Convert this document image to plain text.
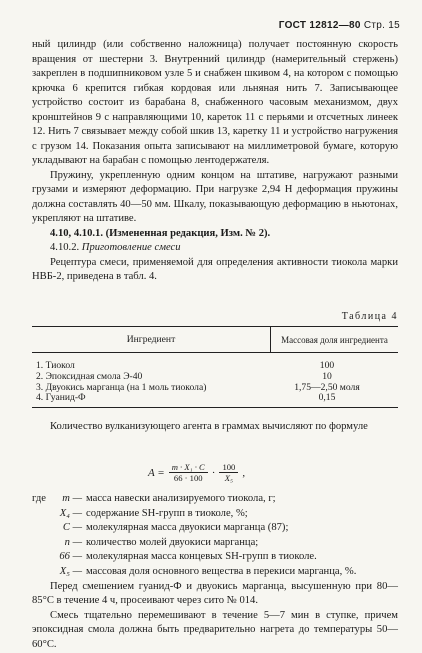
ГОСТ 12812—80 Стр. 15

ный цилиндр (или собственно наложница) получает постоянную скорость вращения от шестерни 3. Внутренний цилиндр (намерительный стержень) закреплен в подшипниковом узле 5 и снабжен шкивом 4, на котором с помощью крючка 6 крепится гибкая кордовая или льняная нить 7. Записывающее устройство состоит из барабана 8, снабженного часовым механизмом, двух кронштейнов 9 с направляющими 10, кареток 11 с перьями и отсчетных линеек 12. Нить 7 связывает между собой шкив 13, каретку 11 и устройство нагружения с грузом 14. Показания опыта записывают на миллиметровой бумаге, которую укладывают на барабан с помощью лентодержателя.

Пружину, укрепленную одним концом на штативе, нагружают разными грузами и измеряют деформацию. При нагрузке 2,94 Н деформация пружины должна составлять 40—50 мм. Шкалу, показывающую деформацию в ньютонах, укрепляют на штативе.

4.10, 4.10.1. (Измененная редакция, Изм. № 2).

4.10.2. Приготовление смеси

Рецептура смеси, применяемой для определения активности тиокола марки НВБ-2, приведена в табл. 4.

Таблица 4
Ингредиент	Массовая доля ингредиента
1. Тиокол	100
2. Эпоксидная смола Э-40	10
3. Двуокись марганца (на 1 моль тиокола)	1,75—2,50 моля
4. Гуанид-Ф	0,15

Количество вулканизующего агента в граммах вычисляют по формуле

$A = \frac{\text{m · X₁ · C}}{66 \cdot 100} \cdot \frac{100}{\text{X₅}}$ ,
где	m — масса навески анализируемого тиокола, г;
X₄ — содержание SH-групп в тиоколе, %;
C — молекулярная масса двуокиси марганца (87);
n — количество молей двуокиси марганца;
66 — молекулярная масса концевых SH-групп в тиоколе.
X₅ — массовая доля основного вещества в перекиси марганца, %.

Перед смешением гуанид-Ф и двуокись марганца, высушенную при 80—85°С в течение 4 ч, просеивают через сито № 014.

Смесь тщательно перемешивают в течение 5—7 мин в ступке, причем эпоксидная смола должна быть предварительно нагрета до температуры 50—60°С.
